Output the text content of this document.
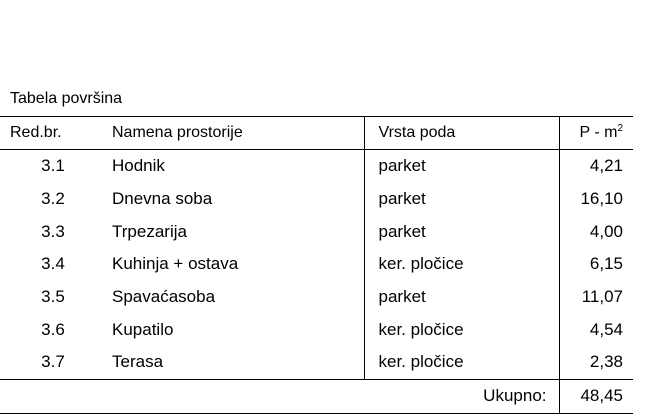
Tabela površina
Red.br.	Namena prostorije	Vrsta poda	P - $m^2$
3.1	Hodnik	parket	4,21
3.2	Dnevna soba	parket	16,10
3.3	Trpezarija	parket	4,00
3.4	Kuhinja + ostava	ker. pločice	6,15
3.5	Spavaćasoba	parket	11,07
3.6	Kupatilo	ker. pločice	4,54
3.7	Terasa	ker. pločice	2,38
Ukupno:			48,45
